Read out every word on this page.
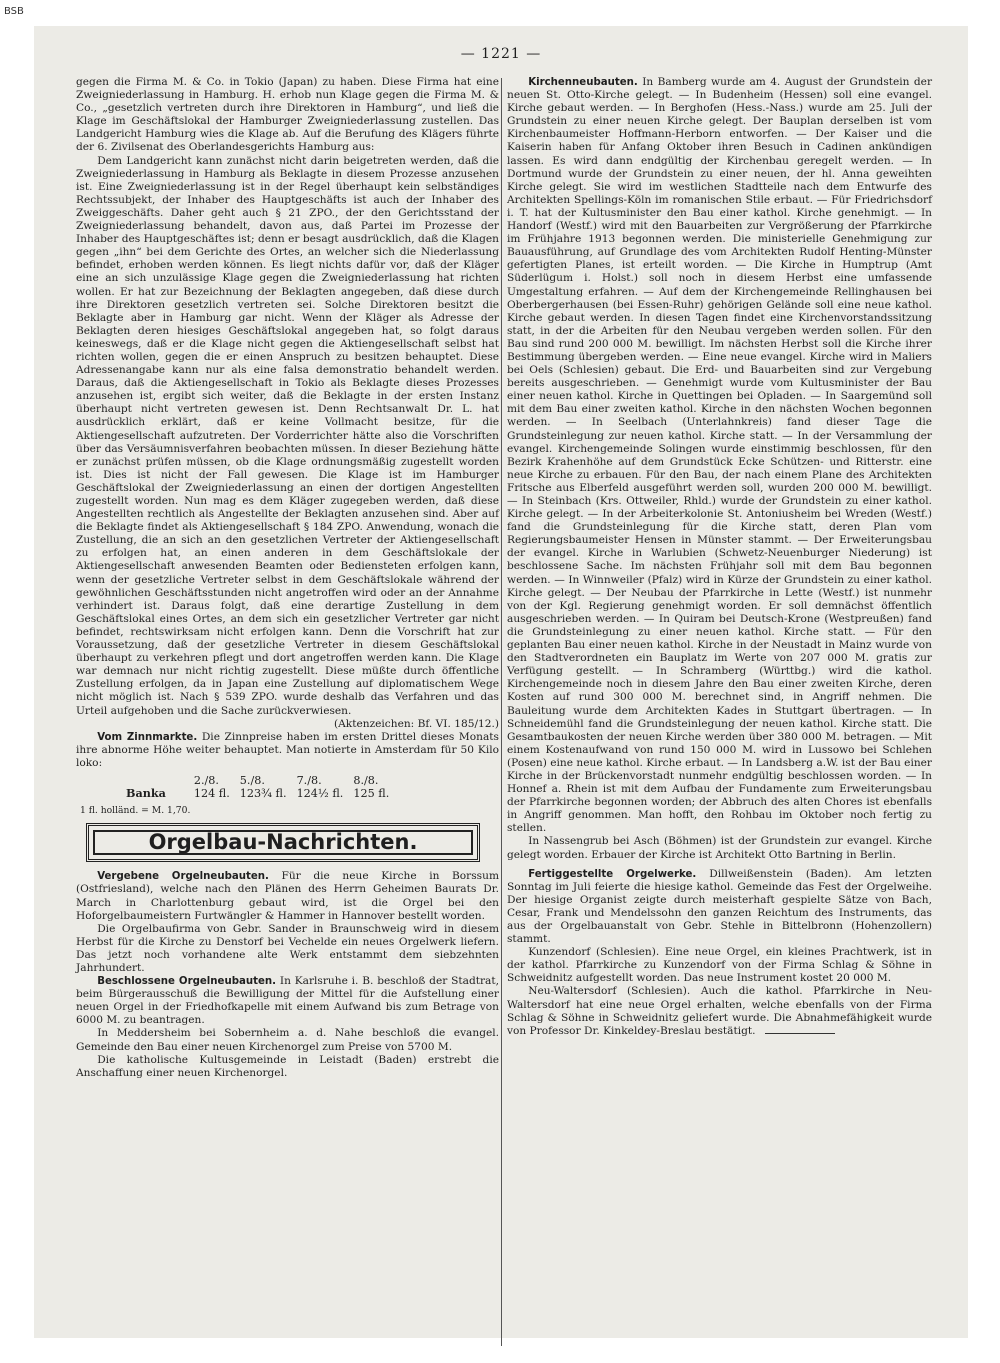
BSB
— 1221 —

gegen die Firma M. & Co. in Tokio (Japan) zu haben. Diese Firma hat eine Zweigniederlassung in Hamburg. H. erhob nun Klage gegen die Firma M. & Co., „gesetzlich vertreten durch ihre Direktoren in Hamburg“, und ließ die Klage im Geschäftslokal der Hamburger Zweigniederlassung zustellen. Das Landgericht Hamburg wies die Klage ab. Auf die Berufung des Klägers führte der 6. Zivilsenat des Oberlandesgerichts Hamburg aus:

Dem Landgericht kann zunächst nicht darin beigetreten werden, daß die Zweigniederlassung in Hamburg als Beklagte in diesem Prozesse anzusehen ist. Eine Zweigniederlassung ist in der Regel überhaupt kein selbständiges Rechtssubjekt, der Inhaber des Hauptgeschäfts ist auch der Inhaber des Zweiggeschäfts. Daher geht auch § 21 ZPO., der den Gerichtsstand der Zweigniederlassung behandelt, davon aus, daß Partei im Prozesse der Inhaber des Hauptgeschäftes ist; denn er besagt ausdrücklich, daß die Klagen gegen „ihn“ bei dem Gerichte des Ortes, an welcher sich die Niederlassung befindet, erhoben werden können. Es liegt nichts dafür vor, daß der Kläger eine an sich unzulässige Klage gegen die Zweigniederlassung hat richten wollen. Er hat zur Bezeichnung der Beklagten angegeben, daß diese durch ihre Direktoren gesetzlich vertreten sei. Solche Direktoren besitzt die Beklagte aber in Hamburg gar nicht. Wenn der Kläger als Adresse der Beklagten deren hiesiges Geschäftslokal angegeben hat, so folgt daraus keineswegs, daß er die Klage nicht gegen die Aktiengesellschaft selbst hat richten wollen, gegen die er einen Anspruch zu besitzen behauptet. Diese Adressenangabe kann nur als eine falsa demonstratio behandelt werden. Daraus, daß die Aktiengesellschaft in Tokio als Beklagte dieses Prozesses anzusehen ist, ergibt sich weiter, daß die Beklagte in der ersten Instanz überhaupt nicht vertreten gewesen ist. Denn Rechtsanwalt Dr. L. hat ausdrücklich erklärt, daß er keine Vollmacht besitze, für die Aktiengesellschaft aufzutreten. Der Vorderrichter hätte also die Vorschriften über das Versäumnisverfahren beobachten müssen. In dieser Beziehung hätte er zunächst prüfen müssen, ob die Klage ordnungsmäßig zugestellt worden ist. Dies ist nicht der Fall gewesen. Die Klage ist im Hamburger Geschäftslokal der Zweigniederlassung an einen der dortigen Angestellten zugestellt worden. Nun mag es dem Kläger zugegeben werden, daß diese Angestellten rechtlich als Angestellte der Beklagten anzusehen sind. Aber auf die Beklagte findet als Aktiengesellschaft § 184 ZPO. Anwendung, wonach die Zustellung, die an sich an den gesetzlichen Vertreter der Aktiengesellschaft zu erfolgen hat, an einen anderen in dem Geschäftslokale der Aktiengesellschaft anwesenden Beamten oder Bediensteten erfolgen kann, wenn der gesetzliche Vertreter selbst in dem Geschäftslokale während der gewöhnlichen Geschäftsstunden nicht angetroffen wird oder an der Annahme verhindert ist. Daraus folgt, daß eine derartige Zustellung in dem Geschäftslokal eines Ortes, an dem sich ein gesetzlicher Vertreter gar nicht befindet, rechtswirksam nicht erfolgen kann. Denn die Vorschrift hat zur Voraussetzung, daß der gesetzliche Vertreter in diesem Geschäftslokal überhaupt zu verkehren pflegt und dort angetroffen werden kann. Die Klage war demnach nur nicht richtig zugestellt. Diese müßte durch öffentliche Zustellung erfolgen, da in Japan eine Zustellung auf diplomatischem Wege nicht möglich ist. Nach § 539 ZPO. wurde deshalb das Verfahren und das Urteil aufgehoben und die Sache zurückverwiesen.

(Aktenzeichen: Bf. VI. 185/12.)

Vom Zinnmarkte. Die Zinnpreise haben im ersten Drittel dieses Monats ihre abnorme Höhe weiter behauptet. Man notierte in Amsterdam für 50 Kilo loko:

	2./8.	5./8.	7./8.	8./8.
Banka	124 fl.	123¾ fl.	124½ fl.	125 fl.
1 fl. holländ. = M. 1,70.
Orgelbau-Nachrichten.

Vergebene Orgelneubauten. Für die neue Kirche in Borssum (Ostfriesland), welche nach den Plänen des Herrn Geheimen Baurats Dr. March in Charlottenburg gebaut wird, ist die Orgel bei den Hoforgelbaumeistern Furtwängler & Hammer in Hannover bestellt worden.

Die Orgelbaufirma von Gebr. Sander in Braunschweig wird in diesem Herbst für die Kirche zu Denstorf bei Vechelde ein neues Orgelwerk liefern. Das jetzt noch vorhandene alte Werk entstammt dem siebzehnten Jahrhundert.

Beschlossene Orgelneubauten. In Karlsruhe i. B. beschloß der Stadtrat, beim Bürgerausschuß die Bewilligung der Mittel für die Aufstellung einer neuen Orgel in der Friedhofkapelle mit einem Aufwand bis zum Betrage von 6000 M. zu beantragen.

In Meddersheim bei Sobernheim a. d. Nahe beschloß die evangel. Gemeinde den Bau einer neuen Kirchenorgel zum Preise von 5700 M.

Die katholische Kultusgemeinde in Leistadt (Baden) erstrebt die Anschaffung einer neuen Kirchenorgel.

Kirchenneubauten. In Bamberg wurde am 4. August der Grundstein der neuen St. Otto-Kirche gelegt. — In Budenheim (Hessen) soll eine evangel. Kirche gebaut werden. — In Berghofen (Hess.-Nass.) wurde am 25. Juli der Grundstein zu einer neuen Kirche gelegt. Der Bauplan derselben ist vom Kirchenbaumeister Hoffmann-Herborn entworfen. — Der Kaiser und die Kaiserin haben für Anfang Oktober ihren Besuch in Cadinen ankündigen lassen. Es wird dann endgültig der Kirchenbau geregelt werden. — In Dortmund wurde der Grundstein zu einer neuen, der hl. Anna geweihten Kirche gelegt. Sie wird im westlichen Stadtteile nach dem Entwurfe des Architekten Spellings-Köln im romanischen Stile erbaut. — Für Friedrichsdorf i. T. hat der Kultusminister den Bau einer kathol. Kirche genehmigt. — In Handorf (Westf.) wird mit den Bauarbeiten zur Vergrößerung der Pfarrkirche im Frühjahre 1913 begonnen werden. Die ministerielle Genehmigung zur Bauausführung, auf Grundlage des vom Architekten Rudolf Henting-Münster gefertigten Planes, ist erteilt worden. — Die Kirche in Humptrup (Amt Süderlügum i. Holst.) soll noch in diesem Herbst eine umfassende Umgestaltung erfahren. — Auf dem der Kirchengemeinde Rellinghausen bei Oberbergerhausen (bei Essen-Ruhr) gehörigen Gelände soll eine neue kathol. Kirche gebaut werden. In diesen Tagen findet eine Kirchenvorstandssitzung statt, in der die Arbeiten für den Neubau vergeben werden sollen. Für den Bau sind rund 200 000 M. bewilligt. Im nächsten Herbst soll die Kirche ihrer Bestimmung übergeben werden. — Eine neue evangel. Kirche wird in Maliers bei Oels (Schlesien) gebaut. Die Erd- und Bauarbeiten sind zur Vergebung bereits ausgeschrieben. — Genehmigt wurde vom Kultusminister der Bau einer neuen kathol. Kirche in Quettingen bei Opladen. — In Saargemünd soll mit dem Bau einer zweiten kathol. Kirche in den nächsten Wochen begonnen werden. — In Seelbach (Unterlahnkreis) fand dieser Tage die Grundsteinlegung zur neuen kathol. Kirche statt. — In der Versammlung der evangel. Kirchengemeinde Solingen wurde einstimmig beschlossen, für den Bezirk Krahenhöhe auf dem Grundstück Ecke Schützen- und Ritterstr. eine neue Kirche zu erbauen. Für den Bau, der nach einem Plane des Architekten Fritsche aus Elberfeld ausgeführt werden soll, wurden 200 000 M. bewilligt. — In Steinbach (Krs. Ottweiler, Rhld.) wurde der Grundstein zu einer kathol. Kirche gelegt. — In der Arbeiterkolonie St. Antoniusheim bei Wreden (Westf.) fand die Grundsteinlegung für die Kirche statt, deren Plan vom Regierungsbaumeister Hensen in Münster stammt. — Der Erweiterungsbau der evangel. Kirche in Warlubien (Schwetz-Neuenburger Niederung) ist beschlossene Sache. Im nächsten Frühjahr soll mit dem Bau begonnen werden. — In Winnweiler (Pfalz) wird in Kürze der Grundstein zu einer kathol. Kirche gelegt. — Der Neubau der Pfarrkirche in Lette (Westf.) ist nunmehr von der Kgl. Regierung genehmigt worden. Er soll demnächst öffentlich ausgeschrieben werden. — In Quiram bei Deutsch-Krone (Westpreußen) fand die Grundsteinlegung zu einer neuen kathol. Kirche statt. — Für den geplanten Bau einer neuen kathol. Kirche in der Neustadt in Mainz wurde von den Stadtverordneten ein Bauplatz im Werte von 207 000 M. gratis zur Verfügung gestellt. — In Schramberg (Württbg.) wird die kathol. Kirchengemeinde noch in diesem Jahre den Bau einer zweiten Kirche, deren Kosten auf rund 300 000 M. berechnet sind, in Angriff nehmen. Die Bauleitung wurde dem Architekten Kades in Stuttgart übertragen. — In Schneidemühl fand die Grundsteinlegung der neuen kathol. Kirche statt. Die Gesamtbaukosten der neuen Kirche werden über 380 000 M. betragen. — Mit einem Kostenaufwand von rund 150 000 M. wird in Lussowo bei Schlehen (Posen) eine neue kathol. Kirche erbaut. — In Landsberg a.W. ist der Bau einer Kirche in der Brückenvorstadt nunmehr endgültig beschlossen worden. — In Honnef a. Rhein ist mit dem Aufbau der Fundamente zum Erweiterungsbau der Pfarrkirche begonnen worden; der Abbruch des alten Chores ist ebenfalls in Angriff genommen. Man hofft, den Rohbau im Oktober noch fertig zu stellen.

In Nassengrub bei Asch (Böhmen) ist der Grundstein zur evangel. Kirche gelegt worden. Erbauer der Kirche ist Architekt Otto Bartning in Berlin.

Fertiggestellte Orgelwerke. Dillweißenstein (Baden). Am letzten Sonntag im Juli feierte die hiesige kathol. Gemeinde das Fest der Orgelweihe. Der hiesige Organist zeigte durch meisterhaft gespielte Sätze von Bach, Cesar, Frank und Mendelssohn den ganzen Reichtum des Instruments, das aus der Orgelbauanstalt von Gebr. Stehle in Bittelbronn (Hohenzollern) stammt.

Kunzendorf (Schlesien). Eine neue Orgel, ein kleines Prachtwerk, ist in der kathol. Pfarrkirche zu Kunzendorf von der Firma Schlag & Söhne in Schweidnitz aufgestellt worden. Das neue Instrument kostet 20 000 M.

Neu-Waltersdorf (Schlesien). Auch die kathol. Pfarrkirche in Neu-Waltersdorf hat eine neue Orgel erhalten, welche ebenfalls von der Firma Schlag & Söhne in Schweidnitz geliefert wurde. Die Abnahmefähigkeit wurde von Professor Dr. Kinkeldey-Breslau bestätigt.
